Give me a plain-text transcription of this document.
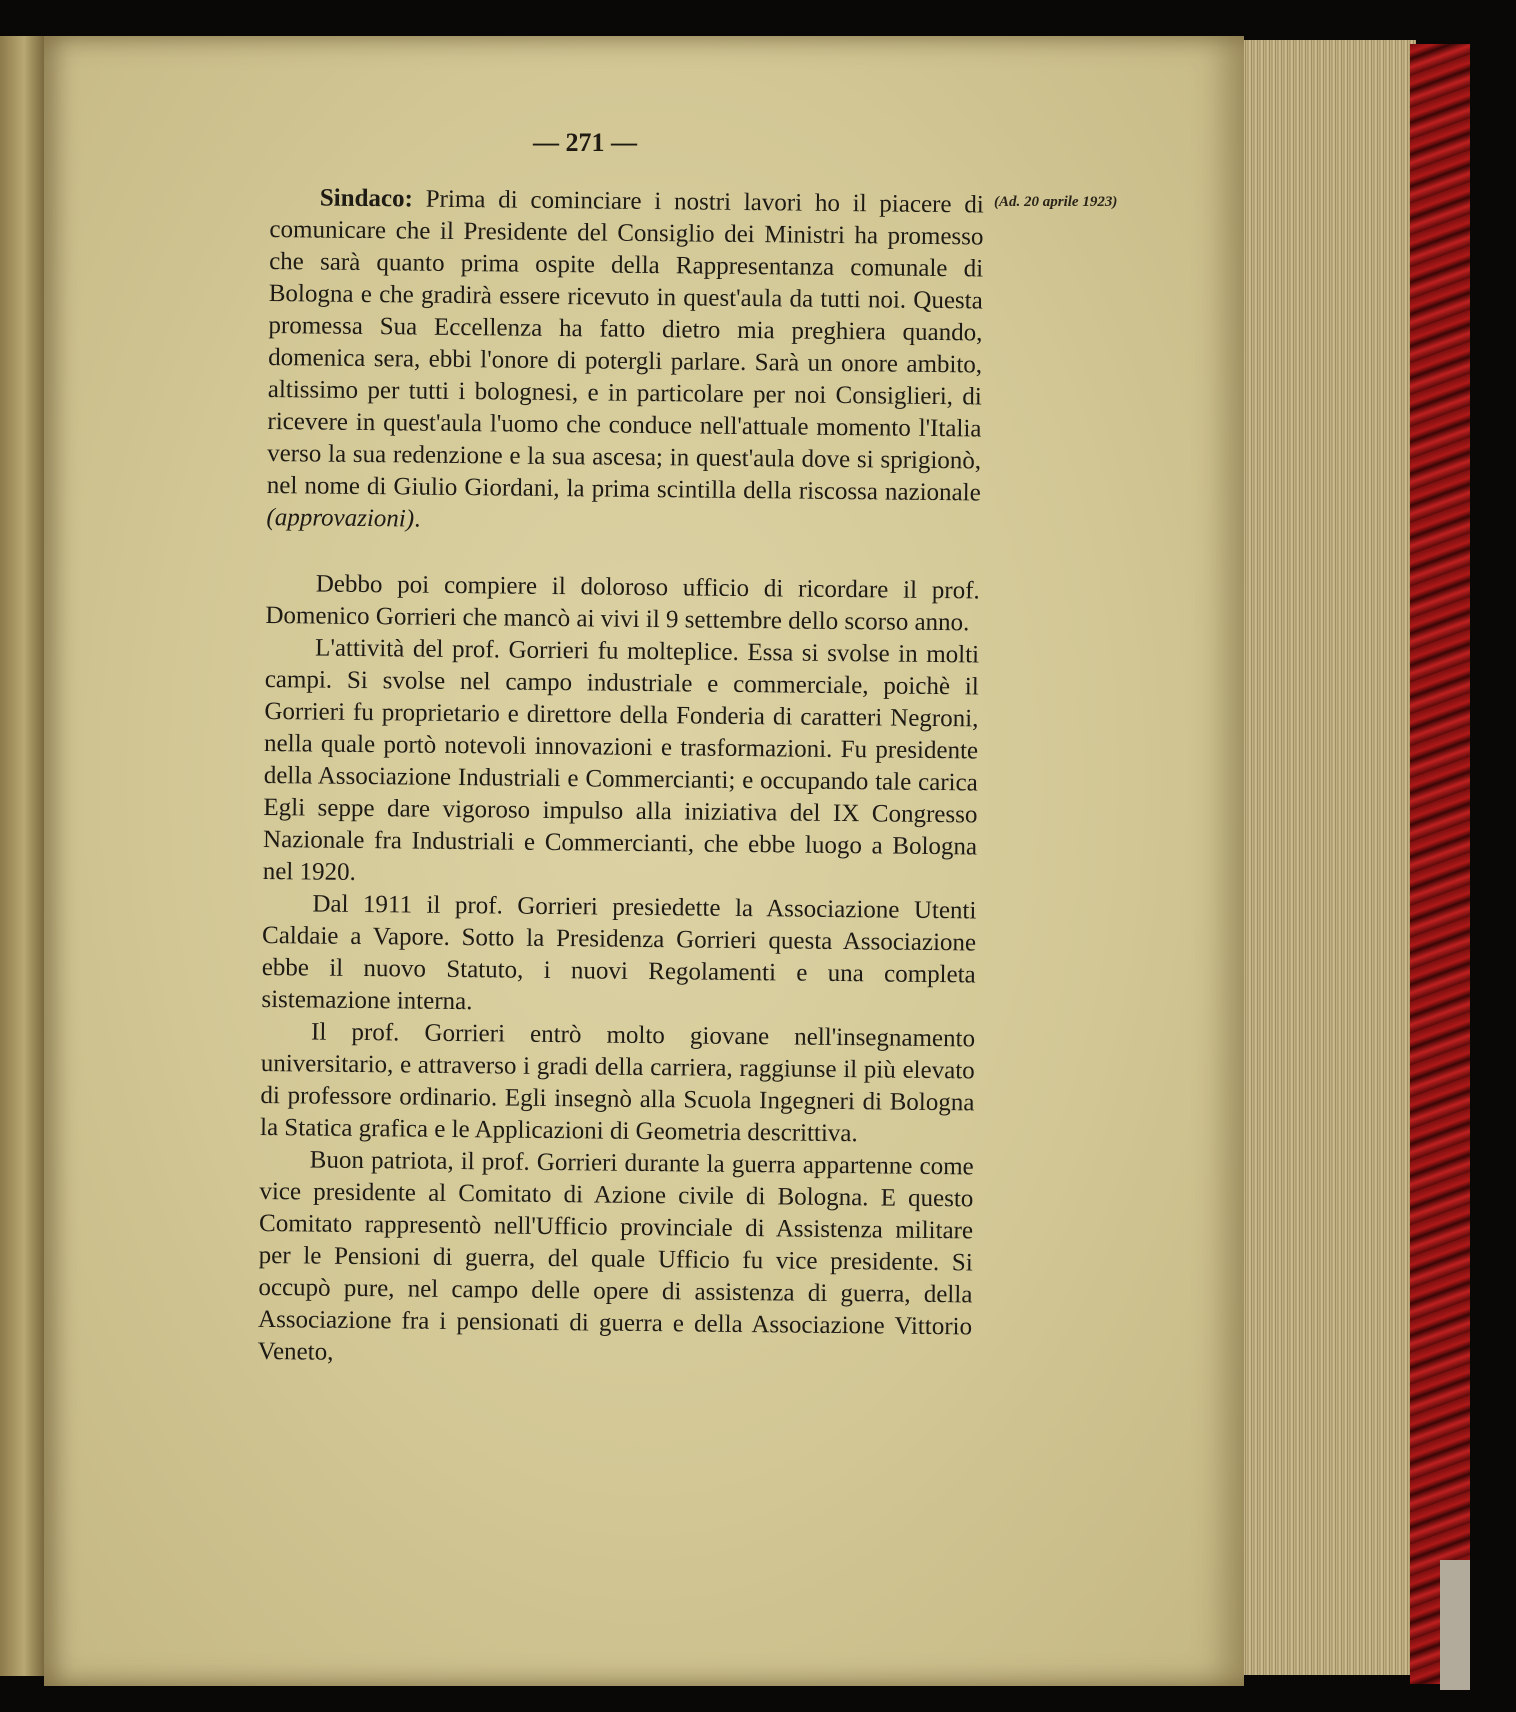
— 271 —
(Ad. 20 aprile 1923)

Sindaco: Prima di cominciare i nostri lavori ho il piacere di comunicare che il Presidente del Consiglio dei Ministri ha promesso che sarà quanto prima ospite della Rappresentanza comunale di Bologna e che gradirà essere ricevuto in quest'aula da tutti noi. Questa promessa Sua Eccellenza ha fatto dietro mia preghiera quando, domenica sera, ebbi l'onore di potergli parlare. Sarà un onore ambito, altissimo per tutti i bolognesi, e in particolare per noi Consiglieri, di ricevere in quest'aula l'uomo che conduce nell'attuale momento l'Italia verso la sua redenzione e la sua ascesa; in quest'aula dove si sprigionò, nel nome di Giulio Giordani, la prima scintilla della riscossa nazionale (approvazioni).

Debbo poi compiere il doloroso ufficio di ricordare il prof. Domenico Gorrieri che mancò ai vivi il 9 settembre dello scorso anno.

L'attività del prof. Gorrieri fu molteplice. Essa si svolse in molti campi. Si svolse nel campo industriale e commerciale, poichè il Gorrieri fu proprietario e direttore della Fonderia di caratteri Negroni, nella quale portò notevoli innovazioni e trasformazioni. Fu presidente della Associazione Industriali e Commercianti; e occupando tale carica Egli seppe dare vigoroso impulso alla iniziativa del IX Congresso Nazionale fra Industriali e Commercianti, che ebbe luogo a Bologna nel 1920.

Dal 1911 il prof. Gorrieri presiedette la Associazione Utenti Caldaie a Vapore. Sotto la Presidenza Gorrieri questa Associazione ebbe il nuovo Statuto, i nuovi Regolamenti e una completa sistemazione interna.

Il prof. Gorrieri entrò molto giovane nell'insegnamento universitario, e attraverso i gradi della carriera, raggiunse il più elevato di professore ordinario. Egli insegnò alla Scuola Ingegneri di Bologna la Statica grafica e le Applicazioni di Geometria descrittiva.

Buon patriota, il prof. Gorrieri durante la guerra appartenne come vice presidente al Comitato di Azione civile di Bologna. E questo Comitato rappresentò nell'Ufficio provinciale di Assistenza militare per le Pensioni di guerra, del quale Ufficio fu vice presidente. Si occupò pure, nel campo delle opere di assistenza di guerra, della Associazione fra i pensionati di guerra e della Associazione Vittorio Veneto,
